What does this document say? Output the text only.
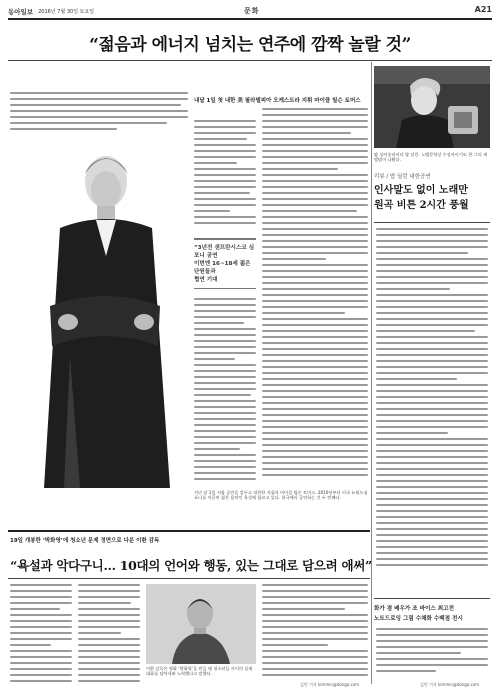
동아일보 2016년 7월 30일 토요일	문화	A21
“젊음과 에너지 넘치는 연주에 깜짝 놀랄 것”
내달 1일 첫 내한 美 필라델피아 오케스트라 지휘 마이클 틸슨 토머스
“3년전 샌프란시스코 심포니 공연
이번엔 16~18세 젊은 단원들과
협연 기대
지난 달 1일 서울 공연을 앞두고 내한한 지휘자 마이클 틸슨 토머스. 2010년부터 미국 뉴월드심포니를 이끌며 젊은 음악인 육성에 힘쓰고 있다. 한국에서 공연하는 건 두 번째다.
팝 싱어송라이터 밥 딜런. 노벨문학상 수상자이기도 한 그의 새 앨범이 나왔다.
리뷰 / 밥 딜런 내한공연
인사말도 없이 노래만
원곡 비튼 2시간 풍월
화가 겸 배우가 조 바이스 최고전
노트드로잉 그림 수채화 수백점 전시
김민 기자 kimmin@donga.com
19일 개봉한 ‘박화영’에 청소년 문제 정면으로 다룬 이환 감독
“욕설과 악다구니… 10대의 언어와 행동, 있는 그대로 담으려 애써”
이환 감독은 영화 ‘박화영’을 만들 때 청소년들 사이의 실제 대화를 담아내려 노력했다고 말했다.
김민 기자 kimmin@donga.com
